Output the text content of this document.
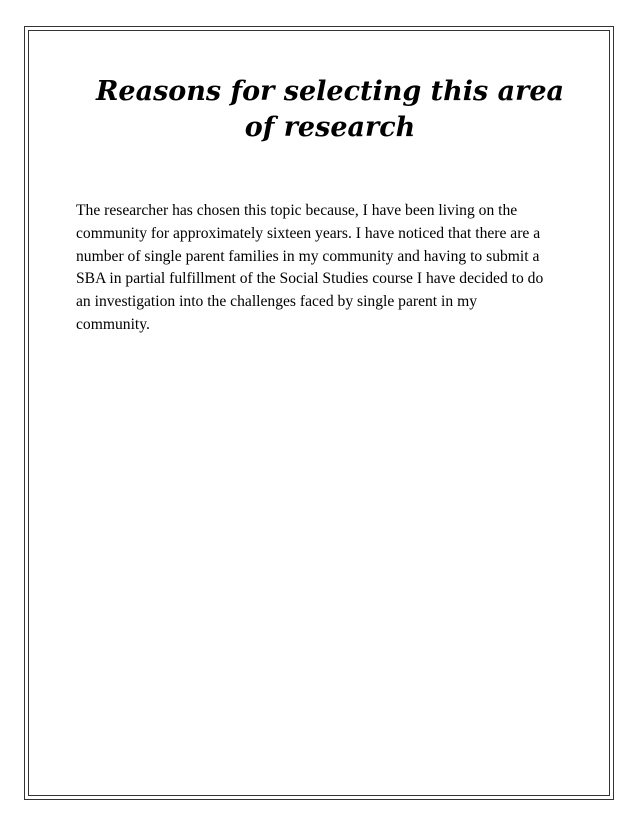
Reasons for selecting this area
of research

The researcher has chosen this topic because, I have been living on the
community for approximately sixteen years. I have noticed that there are a
number of single parent families in my community and having to submit a
SBA in partial fulfillment of the Social Studies course I have decided to do
an investigation into the challenges faced by single parent in my
community.
